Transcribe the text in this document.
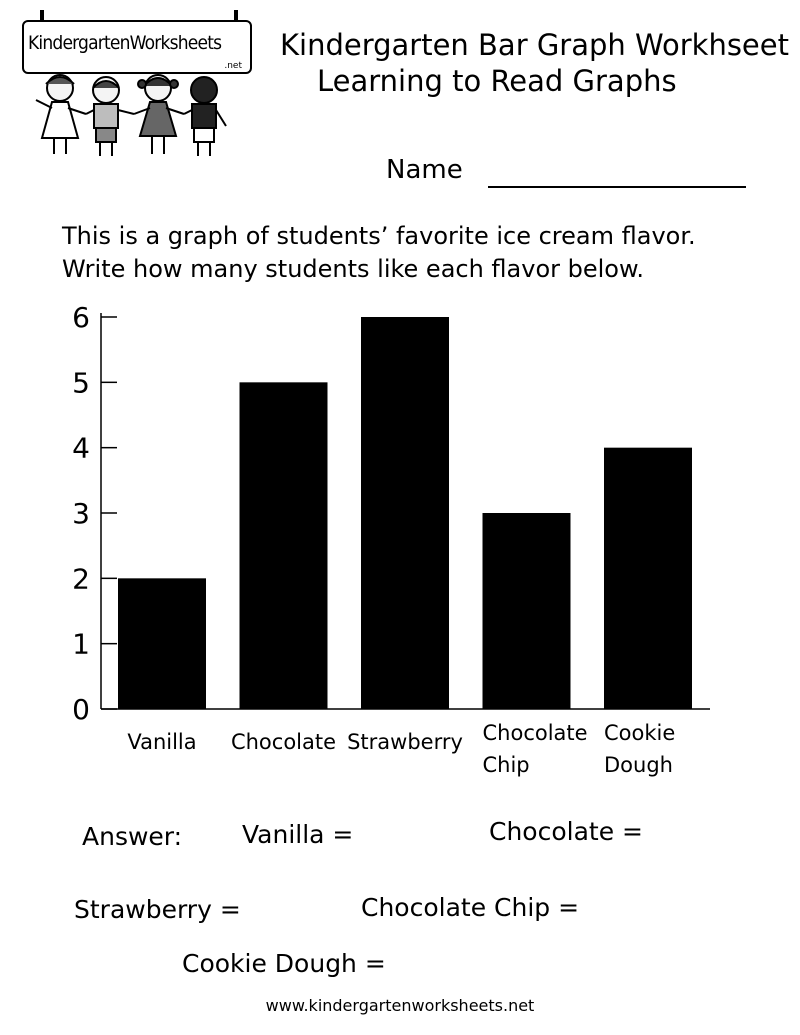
KindergartenWorksheets
.net
Kindergarten Bar Graph Workhseet
Learning to Read Graphs
Name
This is a graph of students’ favorite ice cream flavor.
Write how many students like each flavor below.
0
1
2
3
4
5
6
Vanilla Chocolate Strawberry Chocolate
Chip
Cookie
Dough
Answer: Vanilla =	Chocolate =
Strawberry =	Chocolate Chip =
Cookie Dough =
www.kindergartenworksheets.net
